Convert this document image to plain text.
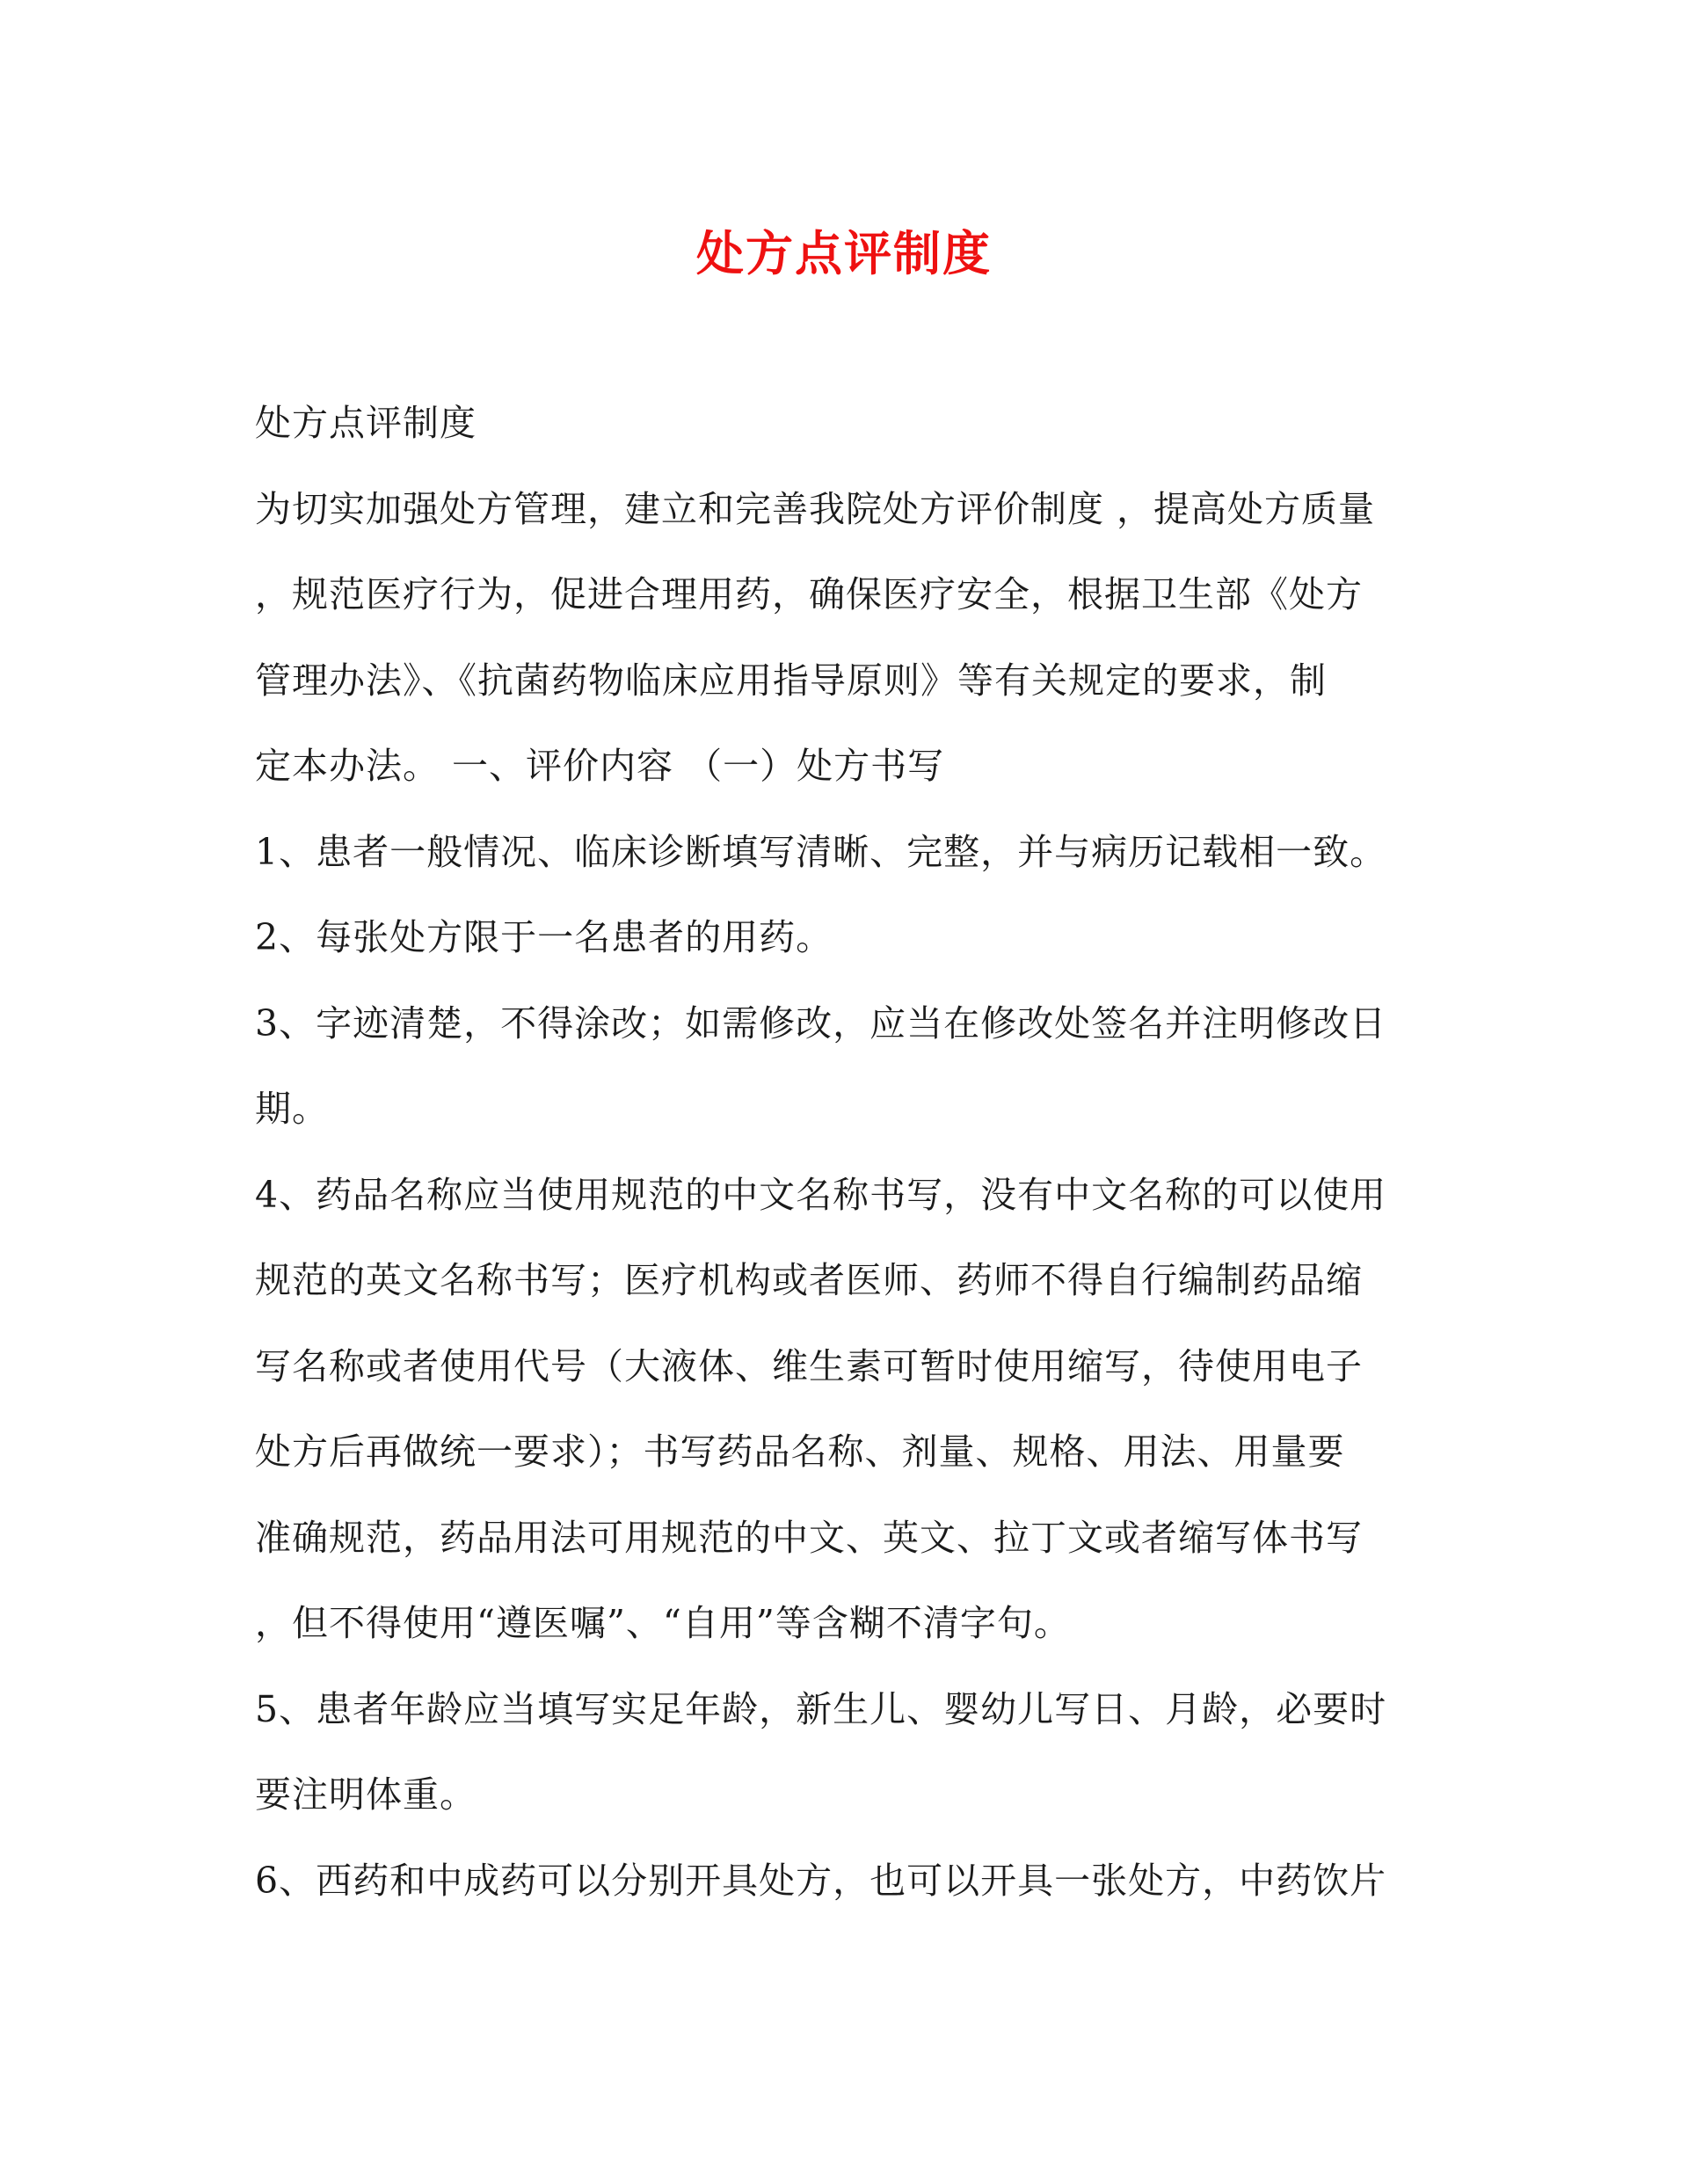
处方点评制度
处方点评制度
为切实加强处方管理，建立和完善我院处方评价制度 ，提高处方质量
，规范医疗行为，促进合理用药，确保医疗安全，根据卫生部《处方
管理办法》、《抗菌药物临床应用指导原则》等有关规定的要求，制
定本办法。 一、评价内容 （一）处方书写
1、患者一般情况、临床诊断填写清晰、完整，并与病历记载相一致。
2、每张处方限于一名患者的用药。
3、字迹清楚，不得涂改；如需修改，应当在修改处签名并注明修改日
期。
4、药品名称应当使用规范的中文名称书写，没有中文名称的可以使用
规范的英文名称书写；医疗机构或者医师、药师不得自行编制药品缩
写名称或者使用代号（大液体、维生素可暂时使用缩写，待使用电子
处方后再做统一要求）；书写药品名称、剂量、规格、用法、用量要
准确规范，药品用法可用规范的中文、英文、拉丁文或者缩写体书写
，但不得使用“遵医嘱”、“自用”等含糊不清字句。
5、患者年龄应当填写实足年龄，新生儿、婴幼儿写日、月龄，必要时
要注明体重。
6、西药和中成药可以分别开具处方，也可以开具一张处方，中药饮片
